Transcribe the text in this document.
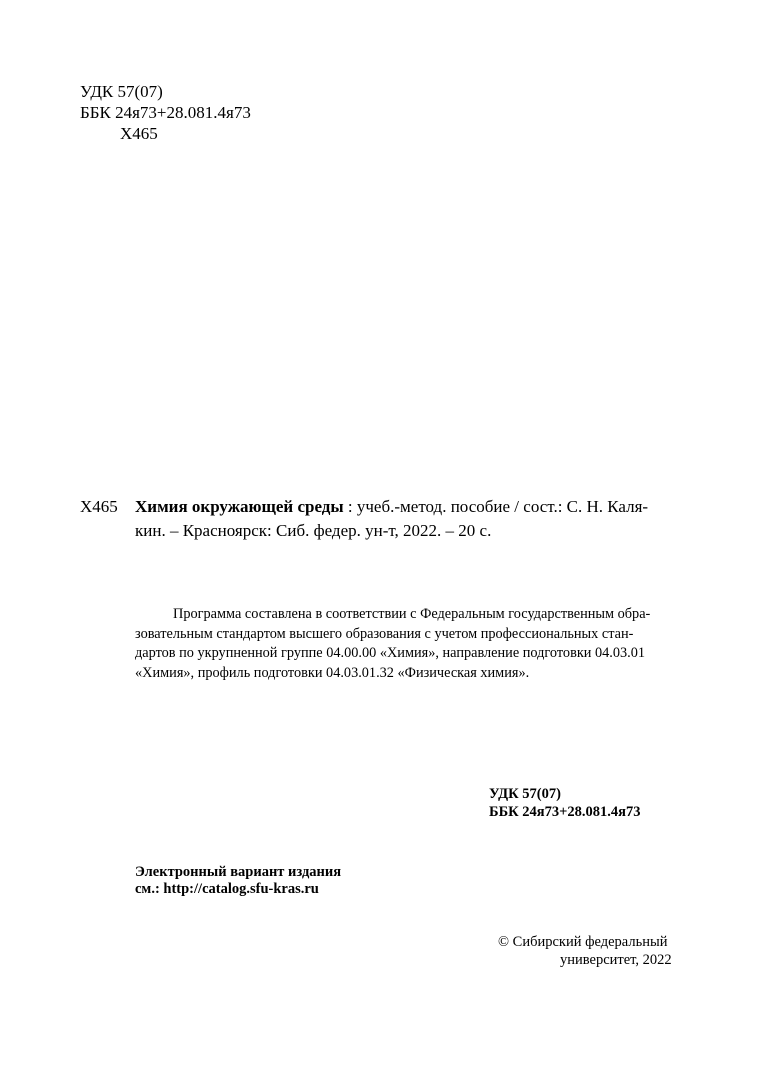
УДК 57(07)
ББК 24я73+28.081.4я73
Х465
Х465 Химия окружающей среды : учеб.-метод. пособие / сост.: С. Н. Каля-
кин. – Красноярск: Сиб. федер. ун-т, 2022. – 20 с.
Программа составлена в соответствии с Федеральным государственным обра-
зовательным стандартом высшего образования с учетом профессиональных стан-
дартов по укрупненной группе 04.00.00 «Химия», направление подготовки 04.03.01
«Химия», профиль подготовки 04.03.01.32 «Физическая химия».
УДК 57(07)
ББК 24я73+28.081.4я73
Электронный вариант издания
см.: http://catalog.sfu-kras.ru
© Сибирский федеральный
университет, 2022
